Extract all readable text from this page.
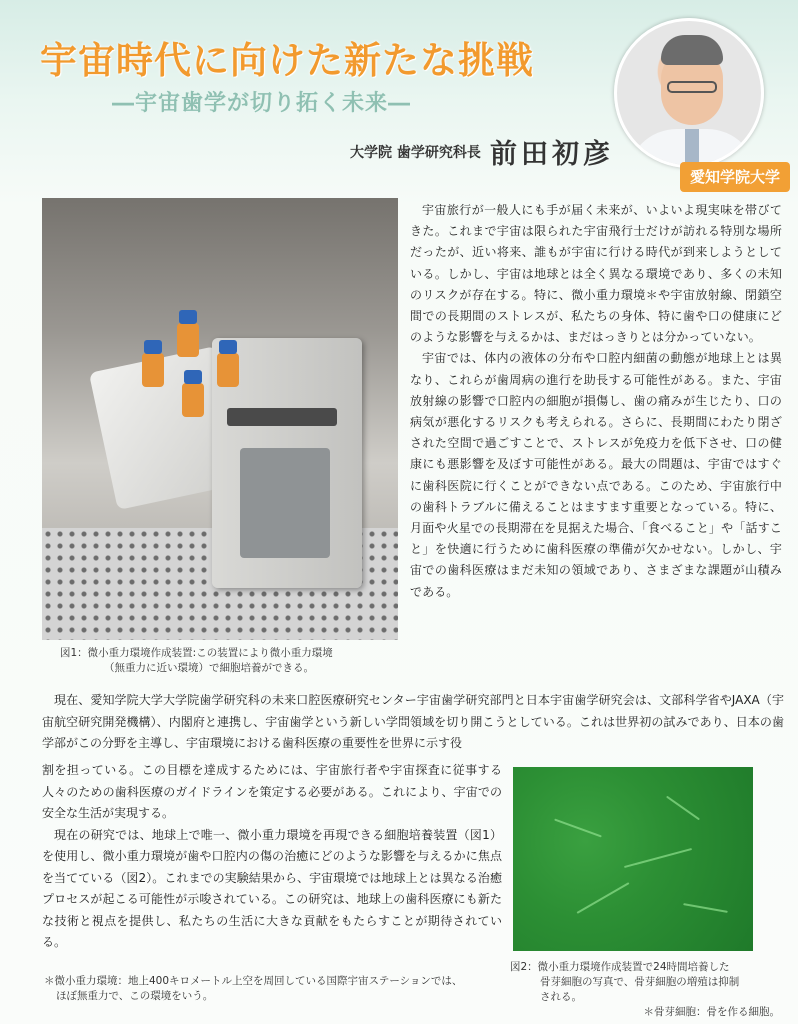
宇宙時代に向けた新たな挑戦
―宇宙歯学が切り拓く未来―
大学院 歯学研究科長 前田初彦
愛知学院大学
図1：微小重力環境作成装置:この装置により微小重力環境
（無重力に近い環境）で細胞培養ができる。

宇宙旅行が一般人にも手が届く未来が、いよいよ現実味を帯びてきた。これまで宇宙は限られた宇宙飛行士だけが訪れる特別な場所だったが、近い将来、誰もが宇宙に行ける時代が到来しようとしている。しかし、宇宙は地球とは全く異なる環境であり、多くの未知のリスクが存在する。特に、微小重力環境＊や宇宙放射線、閉鎖空間での長期間のストレスが、私たちの身体、特に歯や口の健康にどのような影響を与えるかは、まだはっきりとは分かっていない。

宇宙では、体内の液体の分布や口腔内細菌の動態が地球上とは異なり、これらが歯周病の進行を助長する可能性がある。また、宇宙放射線の影響で口腔内の細胞が損傷し、歯の痛みが生じたり、口の病気が悪化するリスクも考えられる。さらに、長期間にわたり閉ざされた空間で過ごすことで、ストレスが免疫力を低下させ、口の健康にも悪影響を及ぼす可能性がある。最大の問題は、宇宙ではすぐに歯科医院に行くことができない点である。このため、宇宙旅行中の歯科トラブルに備えることはますます重要となっている。特に、月面や火星での長期滞在を見据えた場合、「食べること」や「話すこと」を快適に行うために歯科医療の準備が欠かせない。しかし、宇宙での歯科医療はまだ未知の領域であり、さまざまな課題が山積みである。

現在、愛知学院大学大学院歯学研究科の未来口腔医療研究センター宇宙歯学研究部門と日本宇宙歯学研究会は、文部科学省やJAXA（宇宙航空研究開発機構）、内閣府と連携し、宇宙歯学という新しい学問領域を切り開こうとしている。これは世界初の試みであり、日本の歯学部がこの分野を主導し、宇宙環境における歯科医療の重要性を世界に示す役

割を担っている。この目標を達成するためには、宇宙旅行者や宇宙探査に従事する人々のための歯科医療のガイドラインを策定する必要がある。これにより、宇宙での安全な生活が実現する。

現在の研究では、地球上で唯一、微小重力環境を再現できる細胞培養装置（図1）を使用し、微小重力環境が歯や口腔内の傷の治癒にどのような影響を与えるかに焦点を当てている（図2）。これまでの実験結果から、宇宙環境では地球上とは異なる治癒プロセスが起こる可能性が示唆されている。この研究は、地球上の歯科医療にも新たな技術と視点を提供し、私たちの生活に大きな貢献をもたらすことが期待されている。

図2：微小重力環境作成装置で24時間培養した
骨芽細胞の写真で、骨芽細胞の増殖は抑制
される。
＊骨芽細胞：骨を作る細胞。
＊微小重力環境：地上400キロメートル上空を周回している国際宇宙ステーションでは、
ほぼ無重力で、この環境をいう。
